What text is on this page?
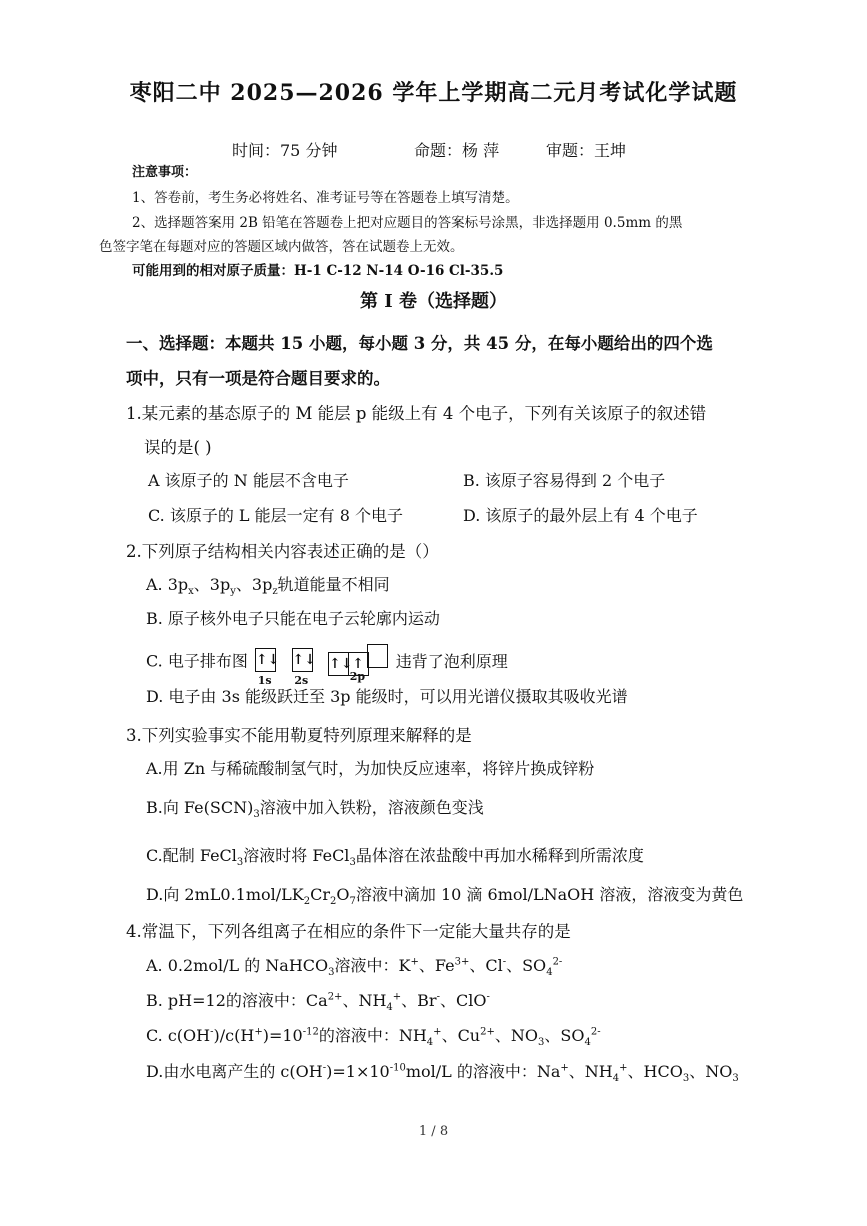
枣阳二中 2025—2026 学年上学期高二元月考试化学试题
时间：75 分钟	命题：杨 萍	审题：王坤
注意事项：
1、答卷前，考生务必将姓名、准考证号等在答题卷上填写清楚。
2、选择题答案用 2B 铅笔在答题卷上把对应题目的答案标号涂黑，非选择题用 0.5mm 的黑
色签字笔在每题对应的答题区域内做答，答在试题卷上无效。
可能用到的相对原子质量：H-1 C-12 N-14 O-16 Cl-35.5
第 I 卷（选择题）
一、选择题：本题共 15 小题，每小题 3 分，共 45 分，在每小题给出的四个选
项中，只有一项是符合题目要求的。
1.某元素的基态原子的 M 能层 p 能级上有 4 个电子，下列有关该原子的叙述错
误的是( )
A 该原子的 N 能层不含电子	B. 该原子容易得到 2 个电子
C. 该原子的 L 能层一定有 8 个电子	D. 该原子的最外层上有 4 个电子
2.下列原子结构相关内容表述正确的是（）
A. $3p_x$、$3p_y$、$3p_z$轨道能量不相同
B. 原子核外电子只能在电子云轮廓内运动
C. 电子排布图 ↑↓
1s
↑↓
2s
↑↓↑
2p
违背了泡利原理
D. 电子由 3s 能级跃迁至 3p 能级时，可以用光谱仪摄取其吸收光谱
3.下列实验事实不能用勒夏特列原理来解释的是
A.用 Zn 与稀硫酸制氢气时，为加快反应速率，将锌片换成锌粉
B.向 $Fe(SCN)_3$溶液中加入铁粉，溶液颜色变浅
C.配制 FeCl$_3$溶液时将 FeCl$_3$晶体溶在浓盐酸中再加水稀释到所需浓度
D.向 $2mL0.1mol/LK_2Cr_2O_7$溶液中滴加 10 滴 6mol/LNaOH 溶液，溶液变为黄色
4.常温下，下列各组离子在相应的条件下一定能大量共存的是
A. 0.2mol/L 的 NaHCO$_3$溶液中：K+、$Fe^{3+}$、Cl-、$SO_4^{2-}$
B. pH=12的溶液中：$Ca^{2+}$、$NH_4^+$、Br-、ClO-
C. $c(OH^-)/c(H^+)=10^{-12}$的溶液中：$NH_4^+$、$Cu^{2+}$、$NO_3$、$SO_4^{2-}$
D.由水电离产生的 $c(OH^-)=1\times 10^{-10}mol/L$ 的溶液中：Na+、$NH_4^+$、$HCO_3$、$NO_3$
1 / 8
